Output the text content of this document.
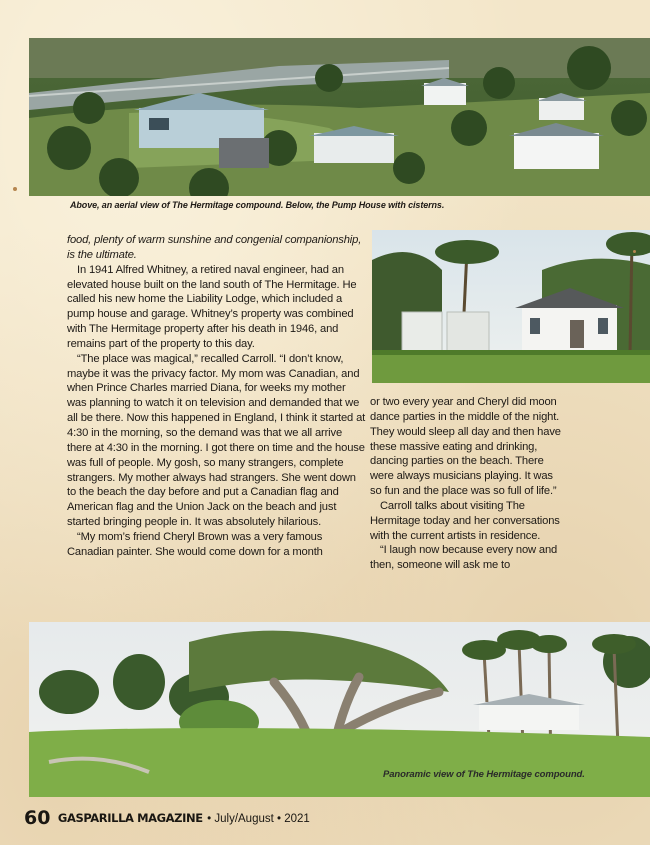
Above, an aerial view of The Hermitage compound. Below, the Pump House with cisterns.

food, plenty of warm sunshine and congenial companionship, is the ultimate.

In 1941 Alfred Whitney, a retired naval engineer, had an elevated house built on the land south of The Hermitage. He called his new home the Liability Lodge, which included a pump house and garage. Whitney’s property was combined with The Hermitage property after his death in 1946, and remains part of the property to this day.

“The place was magical,” recalled Carroll. “I don’t know, maybe it was the privacy factor. My mom was Canadian, and when Prince Charles married Diana, for weeks my mother was planning to watch it on television and demanded that we all be there. Now this happened in England, I think it started at 4:30 in the morning, so the demand was that we all arrive there at 4:30 in the morning. I got there on time and the house was full of people. My gosh, so many strangers, complete strangers. My mother always had strangers. She went down to the beach the day before and put a Canadian flag and American flag and the Union Jack on the beach and just started bringing people in. It was absolutely hilarious.

“My mom’s friend Cheryl Brown was a very famous Canadian painter. She would come down for a month

or two every year and Cheryl did moon dance parties in the middle of the night. They would sleep all day and then have these massive eating and drinking, dancing parties on the beach. There were always musicians playing. It was so fun and the place was so full of life.”

Carroll talks about visiting The Hermitage today and her conversations with the current artists in residence.

“I laugh now because every now and then, someone will ask me to

Panoramic view of The Hermitage compound.
60 GASPARILLA MAGAZINE • July/August • 2021
